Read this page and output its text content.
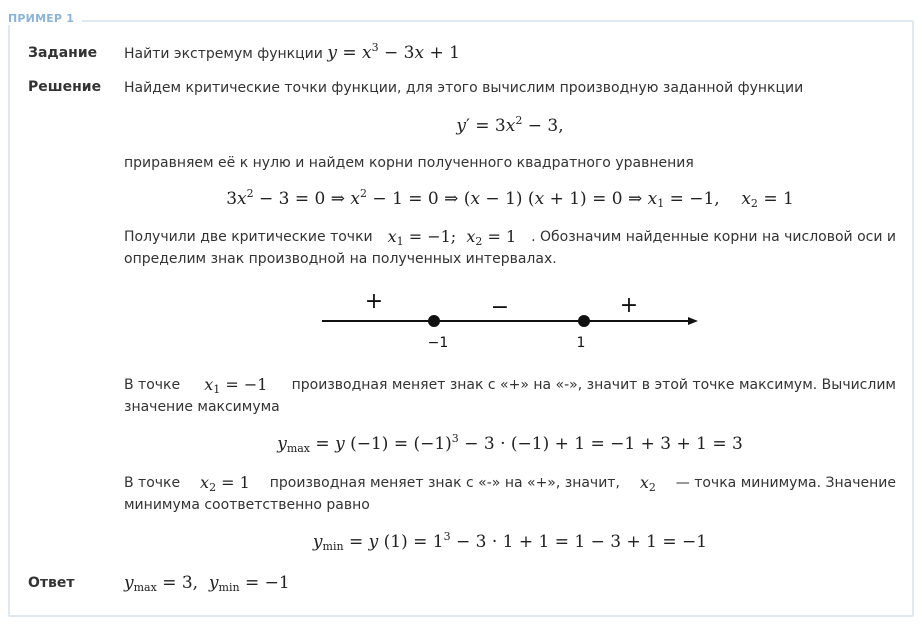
ПРИМЕР 1
Задание Найти экстремум функции $y = x^3 - 3x + 1$
Решение Найдем критические точки функции, для этого вычислим производную заданной функции
$y' = 3x^2 - 3$,
приравняем её к нулю и найдем корни полученного квадратного уравнения
$3x^2 - 3 = 0$ ⇒ $x^2 - 1 = 0$ ⇒ (x − 1) (x + 1) = 0 ⇒ $x_1 = -1$,    $x_2 = 1$
Получили две критические точки $x_1 = -1$;  $x_2 = 1$ . Обозначим найденные корни на числовой оси и
определим знак производной на полученных интервалах.
+	−	+
−1	1
В точке $x_1 = -1$ производная меняет знак с «+» на «-», значит в этой точке максимум. Вычислим
значение максимума
$y_{max} = y$ $(-1) = (-1)^3 - 3 \cdot (-1) + 1 = -1 + 3 + 1 = 3$
В точке $x_2 = 1$ производная меняет знак с «-» на «+», значит, $x_2$ — точка минимума. Значение
минимума соответственно равно
$y_{min} = y$ $(1) = 1^3 - 3 \cdot 1 + 1 = 1 - 3 + 1 = -1$
Ответ	$y_{max} = 3$,  $y_{min} = -1$
